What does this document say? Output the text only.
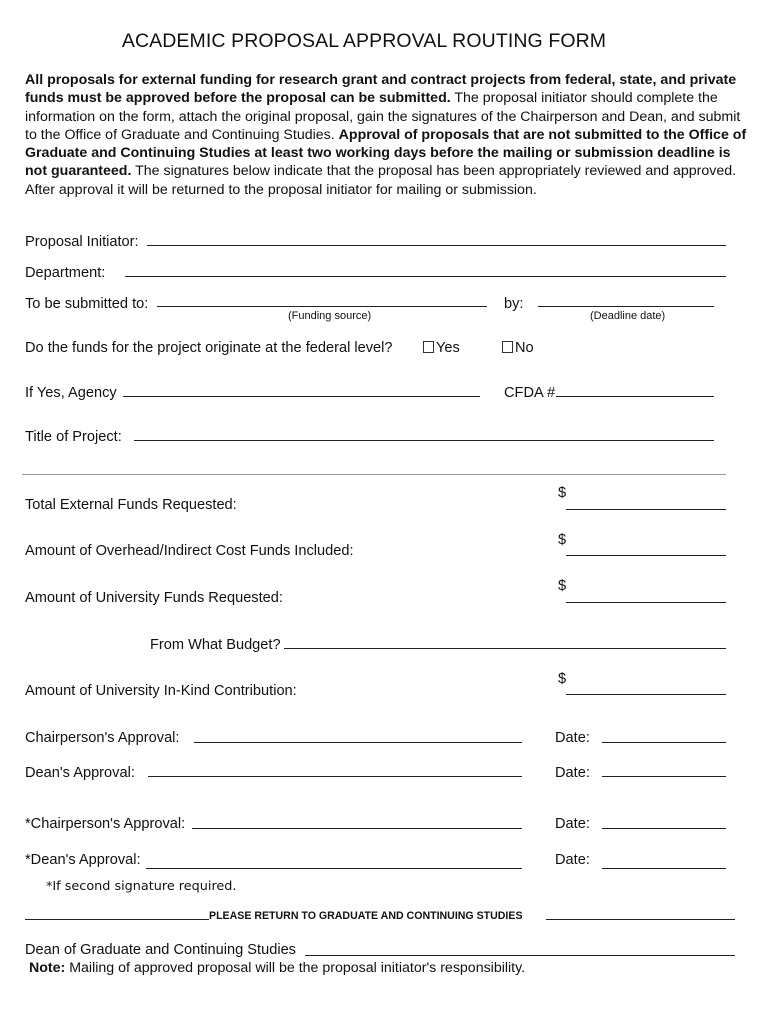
ACADEMIC PROPOSAL APPROVAL ROUTING FORM
All proposals for external funding for research grant and contract projects from federal, state, and private funds must be approved before the proposal can be submitted. The proposal initiator should complete the information on the form, attach the original proposal, gain the signatures of the Chairperson and Dean, and submit to the Office of Graduate and Continuing Studies. Approval of proposals that are not submitted to the Office of Graduate and Continuing Studies at least two working days before the mailing or submission deadline is not guaranteed. The signatures below indicate that the proposal has been appropriately reviewed and approved. After approval it will be returned to the proposal initiator for mailing or submission.
Proposal Initiator:
Department:
To be submitted to:
(Funding source)
by:
(Deadline date)
Do the funds for the project originate at the federal level?	Yes	No
If Yes, Agency	CFDA #
Title of Project:
Total External Funds Requested:
$
Amount of Overhead/Indirect Cost Funds Included:
$
Amount of University Funds Requested:
$
From What Budget?
Amount of University In-Kind Contribution:
$
Chairperson's Approval:	Date:
Dean's Approval:	Date:
*Chairperson's Approval:	Date:
*Dean's Approval:	Date:
*If second signature required.
PLEASE RETURN TO GRADUATE AND CONTINUING STUDIES
Dean of Graduate and Continuing Studies
Note: Mailing of approved proposal will be the proposal initiator's responsibility.
